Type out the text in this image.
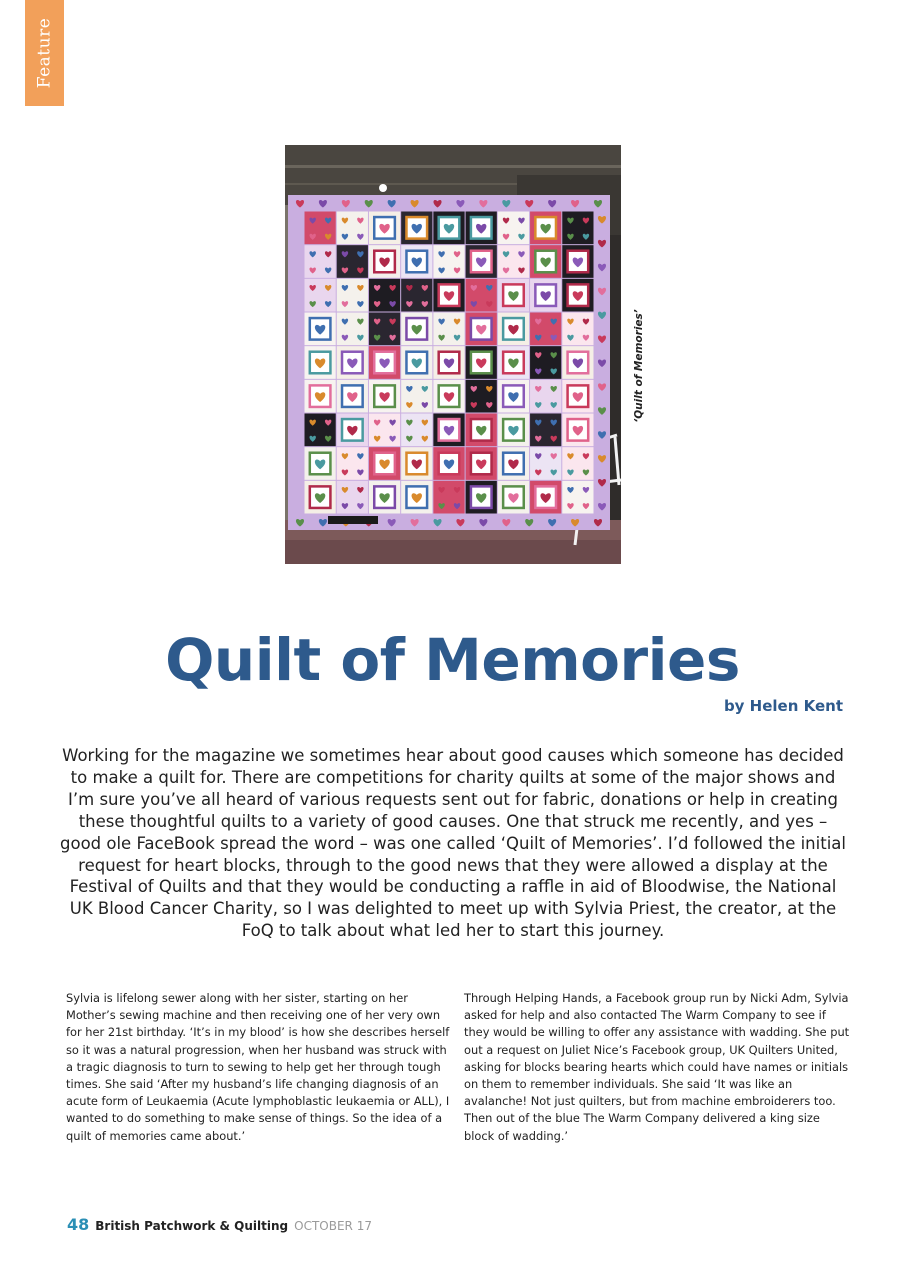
Feature
‘Quilt of Memories’
Quilt of Memories
by Helen Kent

Working for the magazine we sometimes hear about good causes which someone has decided to make a quilt for. There are competitions for charity quilts at some of the major shows and I’m sure you’ve all heard of various requests sent out for fabric, donations or help in creating these thoughtful quilts to a variety of good causes. One that struck me recently, and yes – good ole FaceBook spread the word – was one called ‘Quilt of Memories’. I’d followed the initial request for heart blocks, through to the good news that they were allowed a display at the Festival of Quilts and that they would be conducting a raffle in aid of Bloodwise, the National UK Blood Cancer Charity, so I was delighted to meet up with Sylvia Priest, the creator, at the FoQ to talk about what led her to start this journey.

Sylvia is lifelong sewer along with her sister, starting on her Mother’s sewing machine and then receiving one of her very own for her 21st birthday. ‘It’s in my blood’ is how she describes herself so it was a natural progression, when her husband was struck with a tragic diagnosis to turn to sewing to help get her through tough times. She said ‘After my husband’s life changing diagnosis of an acute form of Leukaemia (Acute lymphoblastic leukaemia or ALL), I wanted to do something to make sense of things. So the idea of a quilt of memories came about.’

Through Helping Hands, a Facebook group run by Nicki Adm, Sylvia asked for help and also contacted The Warm Company to see if they would be willing to offer any assistance with wadding. She put out a request on Juliet Nice’s Facebook group, UK Quilters United, asking for blocks bearing hearts which could have names or initials on them to remember individuals. She said ‘It was like an avalanche! Not just quilters, but from machine embroiderers too. Then out of the blue The Warm Company delivered a king size block of wadding.’

48 British Patchwork & Quilting OCTOBER 17
